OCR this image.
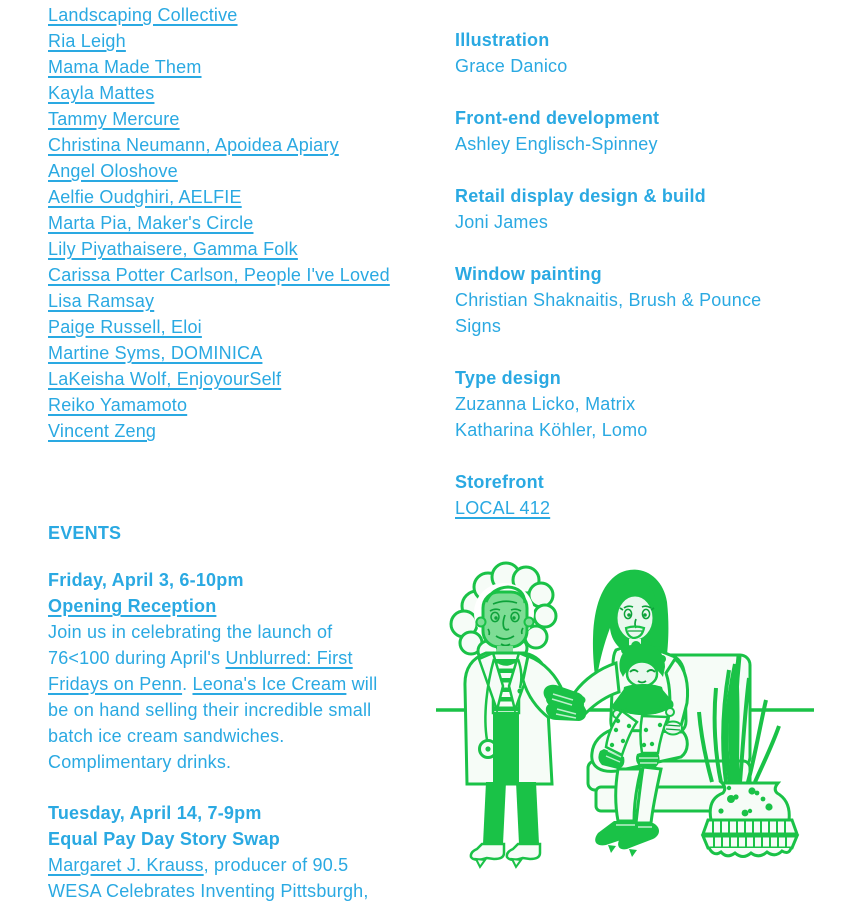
Landscaping Collective
Ria Leigh
Mama Made Them
Kayla Mattes
Tammy Mercure
Christina Neumann, Apoidea Apiary
Angel Oloshove
Aelfie Oudghiri, AELFIE
Marta Pia, Maker's Circle
Lily Piyathaisere, Gamma Folk
Carissa Potter Carlson, People I've Loved
Lisa Ramsay
Paige Russell, Eloi
Martine Syms, DOMINICA
LaKeisha Wolf, EnjoyourSelf
Reiko Yamamoto
Vincent Zeng
EVENTS

Friday, April 3, 6-10pm

Opening Reception

Join us in celebrating the launch of

76<100 during April's Unblurred: First

Fridays on Penn. Leona's Ice Cream will

be on hand selling their incredible small

batch ice cream sandwiches.

Complimentary drinks.

Tuesday, April 14, 7-9pm

Equal Pay Day Story Swap

Margaret J. Krauss, producer of 90.5

WESA Celebrates Inventing Pittsburgh,

Illustration
Grace Danico
Front-end development
Ashley Englisch-Spinney
Retail display design & build
Joni James
Window painting
Christian Shaknaitis, Brush & Pounce
Signs
Type design
Zuzanna Licko, Matrix
Katharina Köhler, Lomo
Storefront
LOCAL 412
